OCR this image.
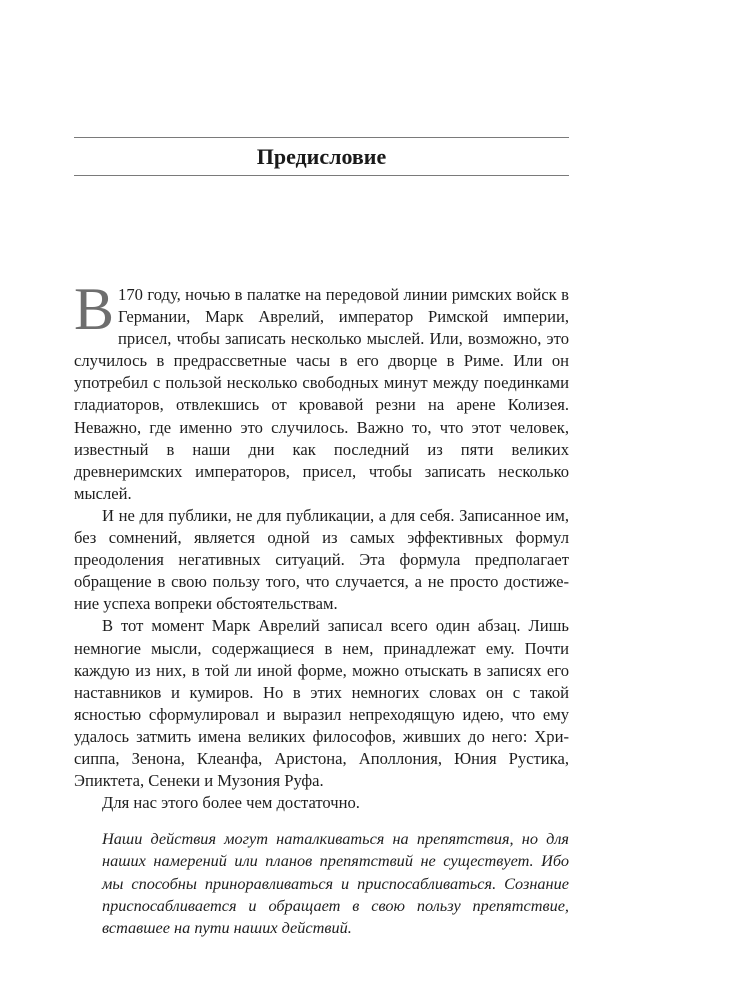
Предисловие

В 170 году, ночью в палатке на передовой линии римских войск в Германии, Марк Аврелий, император Римской империи, присел, чтобы записать несколько мыслей. Или, возможно, это случилось в предрассветные часы в его дворце в Риме. Или он употребил с пользой несколько свободных минут между поединками гладиаторов, отвлекшись от кровавой резни на арене Колизея. Неважно, где именно это случилось. Важно то, что этот человек, известный в наши дни как последний из пяти великих древнеримских императоров, присел, чтобы записать несколько мыслей.

И не для публики, не для публикации, а для себя. Записанное им, без сомнений, является одной из самых эффективных формул преодоления негативных ситуаций. Эта формула предполагает обращение в свою пользу того, что случается, а не просто достижение успеха вопреки обстоятельствам.

В тот момент Марк Аврелий записал всего один абзац. Лишь немногие мысли, содержащиеся в нем, принадлежат ему. Почти каждую из них, в той ли иной форме, можно отыскать в записях его наставников и кумиров. Но в этих немногих словах он с такой ясностью сформулировал и выразил непреходящую идею, что ему удалось затмить имена великих философов, живших до него: Хрисиппа, Зенона, Клеанфа, Аристона, Аполлония, Юния Рустика, Эпиктета, Сенеки и Музония Руфа.

Для нас этого более чем достаточно.

Наши действия могут наталкиваться на препятствия, но для наших намерений или планов препятствий не существует. Ибо мы способны приноравливаться и приспосабливаться. Сознание приспосабливается и обращает в свою пользу препятствие, вставшее на пути наших действий.
